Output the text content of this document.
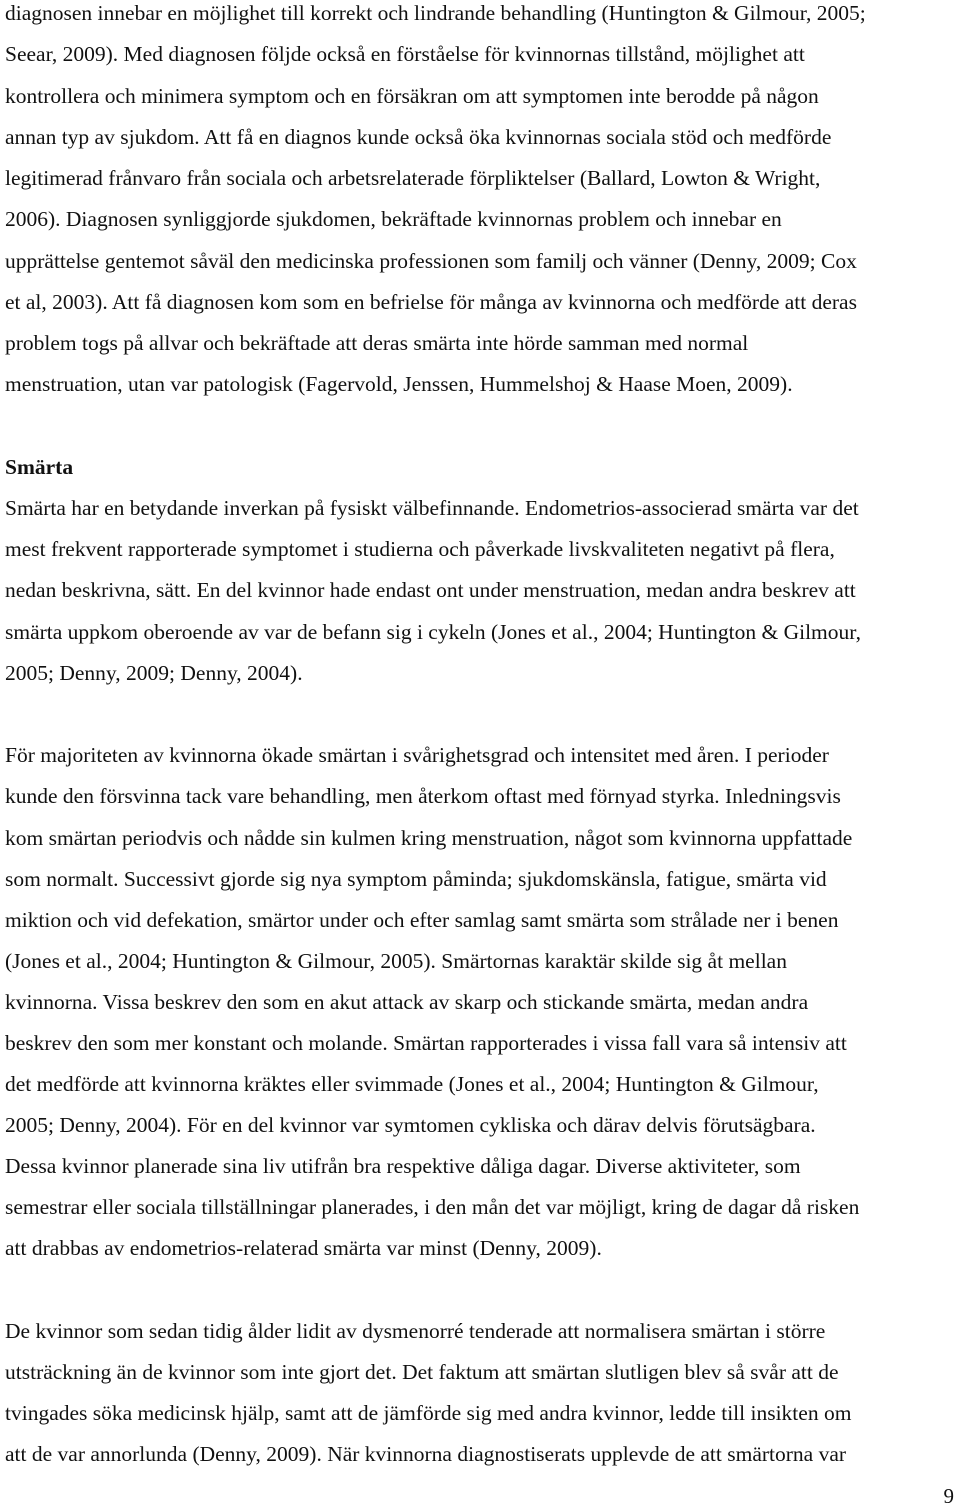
diagnosen innebar en möjlighet till korrekt och lindrande behandling (Huntington & Gilmour, 2005;
Seear, 2009). Med diagnosen följde också en förståelse för kvinnornas tillstånd, möjlighet att
kontrollera och minimera symptom och en försäkran om att symptomen inte berodde på någon
annan typ av sjukdom. Att få en diagnos kunde också öka kvinnornas sociala stöd och medförde
legitimerad frånvaro från sociala och arbetsrelaterade förpliktelser (Ballard, Lowton & Wright,
2006). Diagnosen synliggjorde sjukdomen, bekräftade kvinnornas problem och innebar en
upprättelse gentemot såväl den medicinska professionen som familj och vänner (Denny, 2009; Cox
et al, 2003). Att få diagnosen kom som en befrielse för många av kvinnorna och medförde att deras
problem togs på allvar och bekräftade att deras smärta inte hörde samman med normal
menstruation, utan var patologisk (Fagervold, Jenssen, Hummelshoj & Haase Moen, 2009).
Smärta
Smärta har en betydande inverkan på fysiskt välbefinnande. Endometrios-associerad smärta var det
mest frekvent rapporterade symptomet i studierna och påverkade livskvaliteten negativt på flera,
nedan beskrivna, sätt. En del kvinnor hade endast ont under menstruation, medan andra beskrev att
smärta uppkom oberoende av var de befann sig i cykeln (Jones et al., 2004; Huntington & Gilmour,
2005; Denny, 2009; Denny, 2004).
För majoriteten av kvinnorna ökade smärtan i svårighetsgrad och intensitet med åren. I perioder
kunde den försvinna tack vare behandling, men återkom oftast med förnyad styrka. Inledningsvis
kom smärtan periodvis och nådde sin kulmen kring menstruation, något som kvinnorna uppfattade
som normalt. Successivt gjorde sig nya symptom påminda; sjukdomskänsla, fatigue, smärta vid
miktion och vid defekation, smärtor under och efter samlag samt smärta som strålade ner i benen
(Jones et al., 2004; Huntington & Gilmour, 2005). Smärtornas karaktär skilde sig åt mellan
kvinnorna. Vissa beskrev den som en akut attack av skarp och stickande smärta, medan andra
beskrev den som mer konstant och molande. Smärtan rapporterades i vissa fall vara så intensiv att
det medförde att kvinnorna kräktes eller svimmade (Jones et al., 2004; Huntington & Gilmour,
2005; Denny, 2004). För en del kvinnor var symtomen cykliska och därav delvis förutsägbara.
Dessa kvinnor planerade sina liv utifrån bra respektive dåliga dagar. Diverse aktiviteter, som
semestrar eller sociala tillställningar planerades, i den mån det var möjligt, kring de dagar då risken
att drabbas av endometrios-relaterad smärta var minst (Denny, 2009).
De kvinnor som sedan tidig ålder lidit av dysmenorré tenderade att normalisera smärtan i större
utsträckning än de kvinnor som inte gjort det. Det faktum att smärtan slutligen blev så svår att de
tvingades söka medicinsk hjälp, samt att de jämförde sig med andra kvinnor, ledde till insikten om
att de var annorlunda (Denny, 2009). När kvinnorna diagnostiserats upplevde de att smärtorna var
9
